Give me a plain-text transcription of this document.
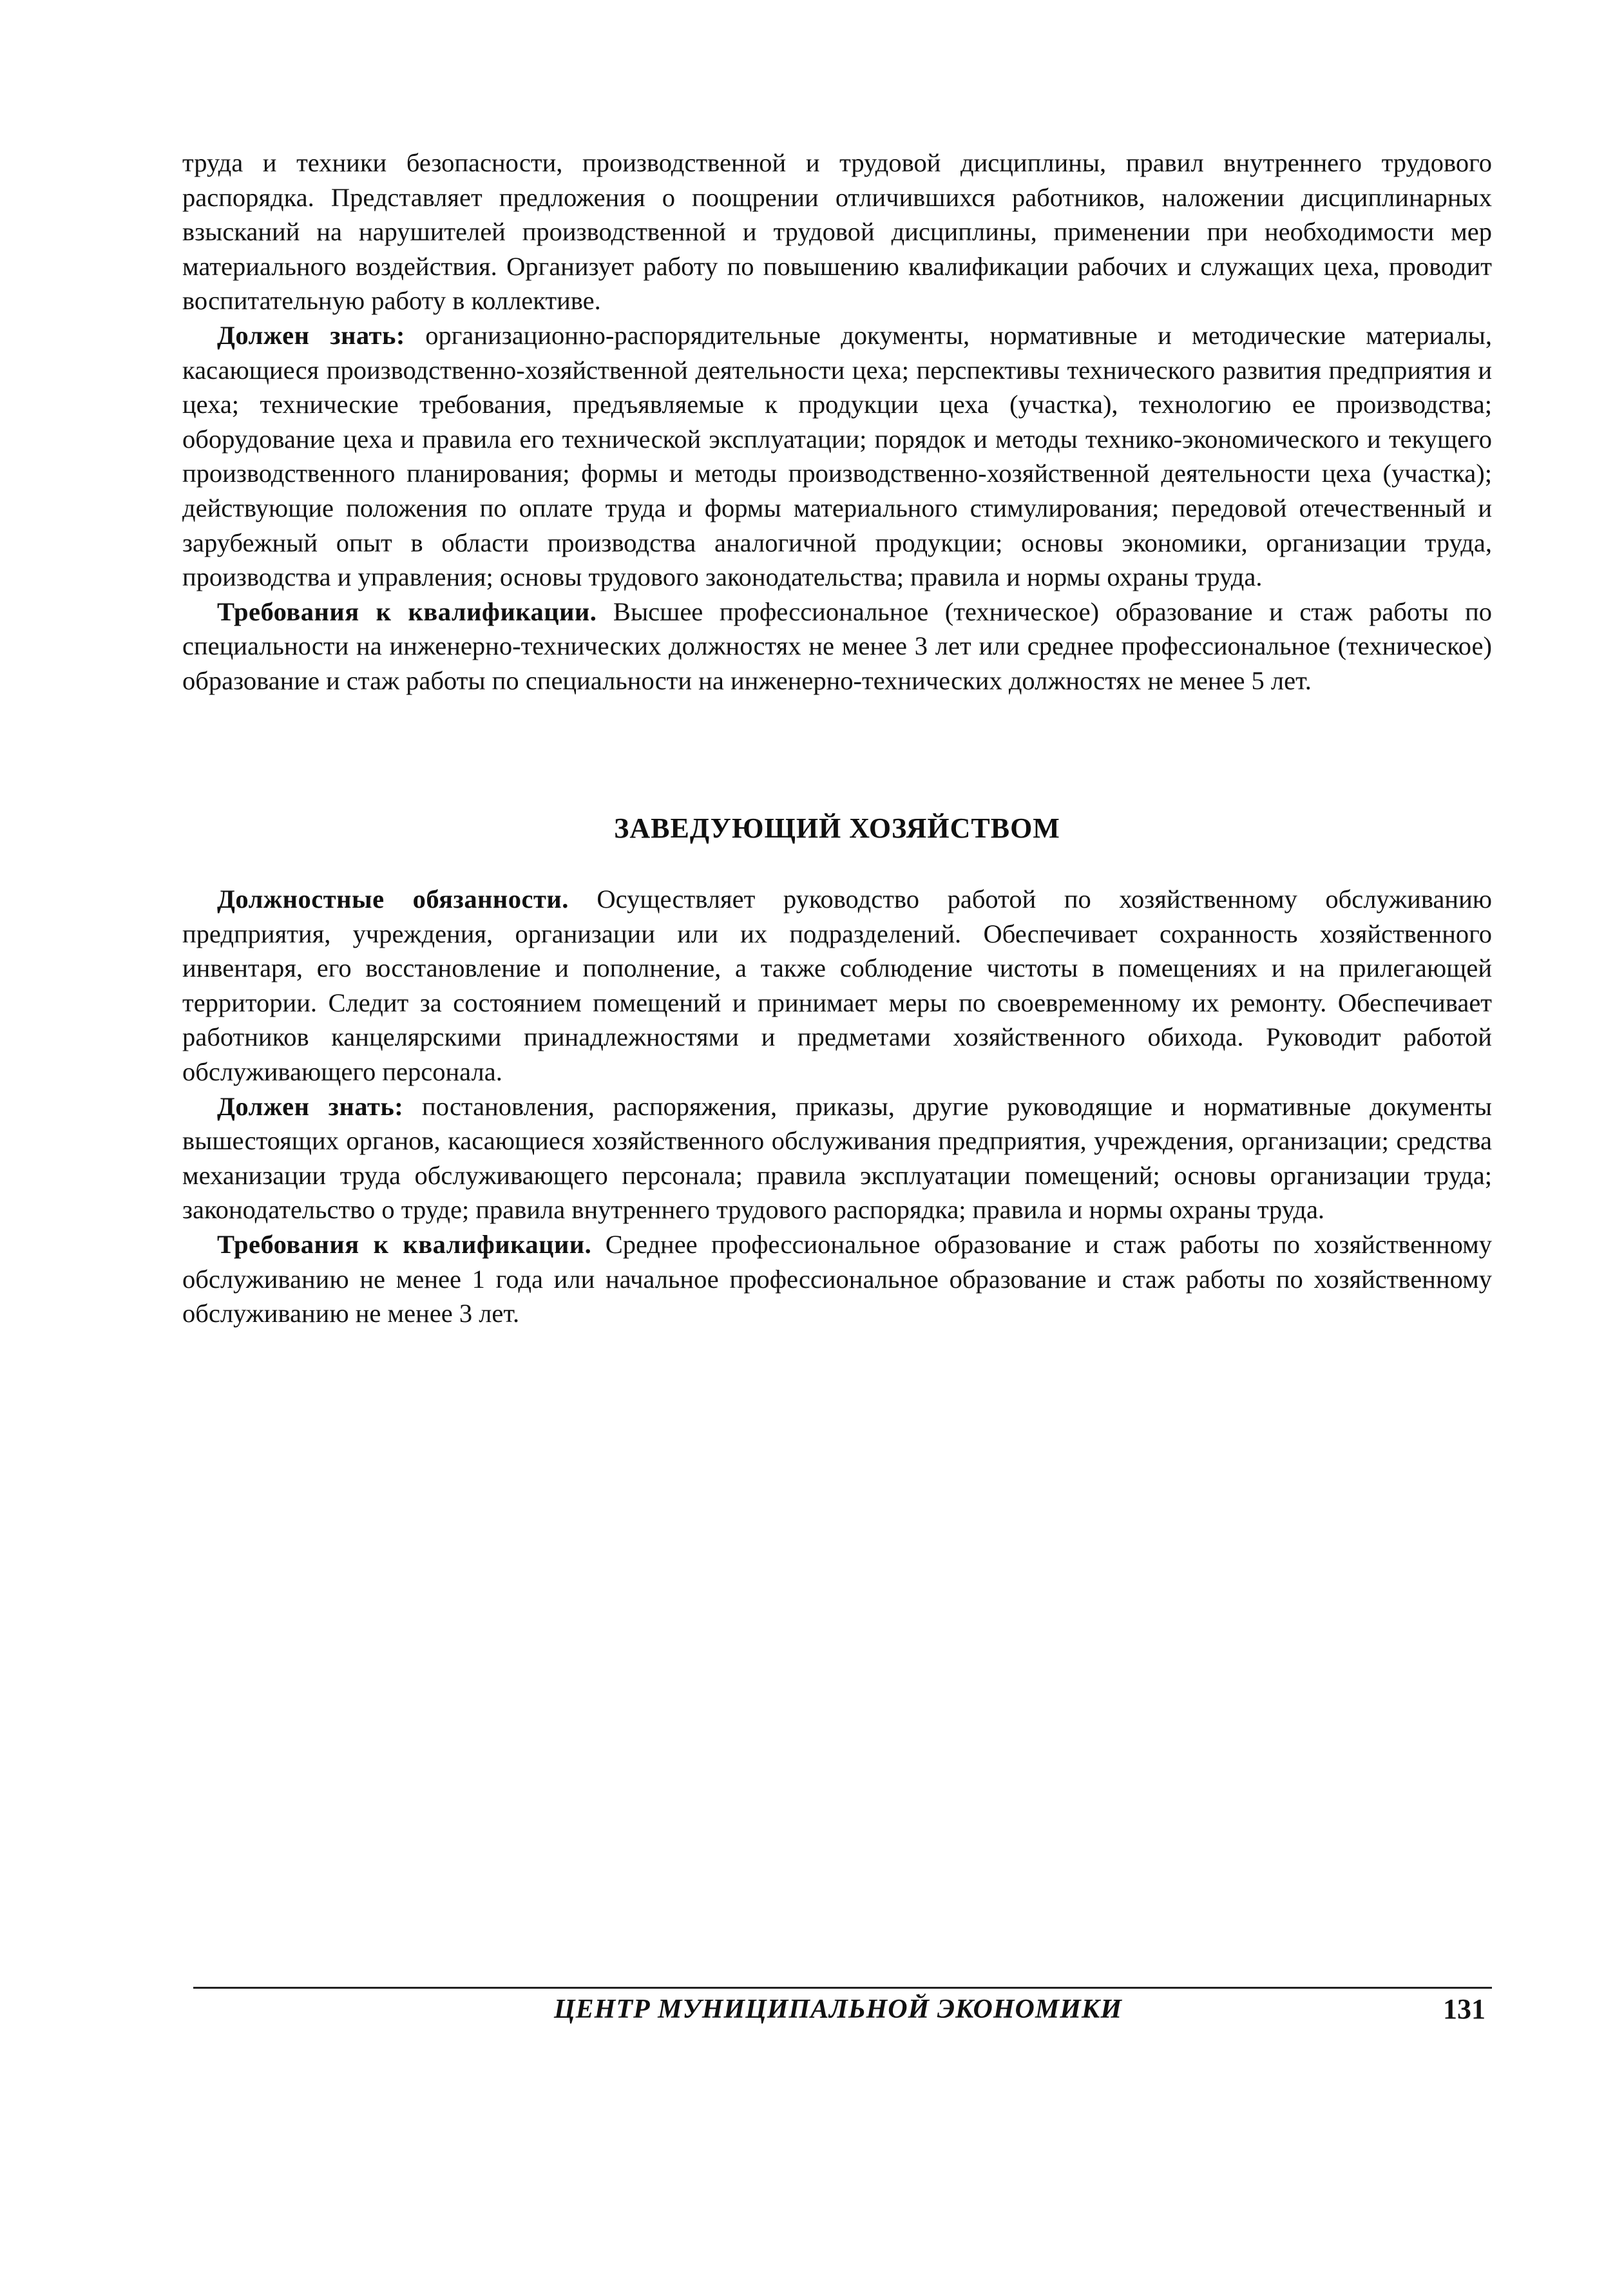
труда и техники безопасности, производственной и трудовой дисциплины, правил внутреннего трудового распорядка. Представляет предложения о поощрении отличившихся работников, наложении дисциплинарных взысканий на нарушителей производственной и трудовой дисциплины, применении при необходимости мер материального воздействия. Организует работу по повышению квалификации рабочих и служащих цеха, проводит воспитательную работу в коллективе.

Должен знать: организационно-распорядительные документы, нормативные и методические материалы, касающиеся производственно-хозяйственной деятельности цеха; перспективы технического развития предприятия и цеха; технические требования, предъявляемые к продукции цеха (участка), технологию ее производства; оборудование цеха и правила его технической эксплуатации; порядок и методы технико-экономического и текущего производственного планирования; формы и методы производственно-хозяйственной деятельности цеха (участка); действующие положения по оплате труда и формы материального стимулирования; передовой отечественный и зарубежный опыт в области производства аналогичной продукции; основы экономики, организации труда, производства и управления; основы трудового законодательства; правила и нормы охраны труда.

Требования к квалификации. Высшее профессиональное (техническое) образование и стаж работы по специальности на инженерно-технических должностях не менее 3 лет или среднее профессиональное (техническое) образование и стаж работы по специальности на инженерно-технических должностях не менее 5 лет.

ЗАВЕДУЮЩИЙ ХОЗЯЙСТВОМ

Должностные обязанности. Осуществляет руководство работой по хозяйственному обслуживанию предприятия, учреждения, организации или их подразделений. Обеспечивает сохранность хозяйственного инвентаря, его восстановление и пополнение, а также соблюдение чистоты в помещениях и на прилегающей территории. Следит за состоянием помещений и принимает меры по своевременному их ремонту. Обеспечивает работников канцелярскими принадлежностями и предметами хозяйственного обихода. Руководит работой обслуживающего персонала.

Должен знать: постановления, распоряжения, приказы, другие руководящие и нормативные документы вышестоящих органов, касающиеся хозяйственного обслуживания предприятия, учреждения, организации; средства механизации труда обслуживающего персонала; правила эксплуатации помещений; основы организации труда; законодательство о труде; правила внутреннего трудового распорядка; правила и нормы охраны труда.

Требования к квалификации. Среднее профессиональное образование и стаж работы по хозяйственному обслуживанию не менее 1 года или начальное профессиональное образование и стаж работы по хозяйственному обслуживанию не менее 3 лет.

ЦЕНТР МУНИЦИПАЛЬНОЙ ЭКОНОМИКИ	131
